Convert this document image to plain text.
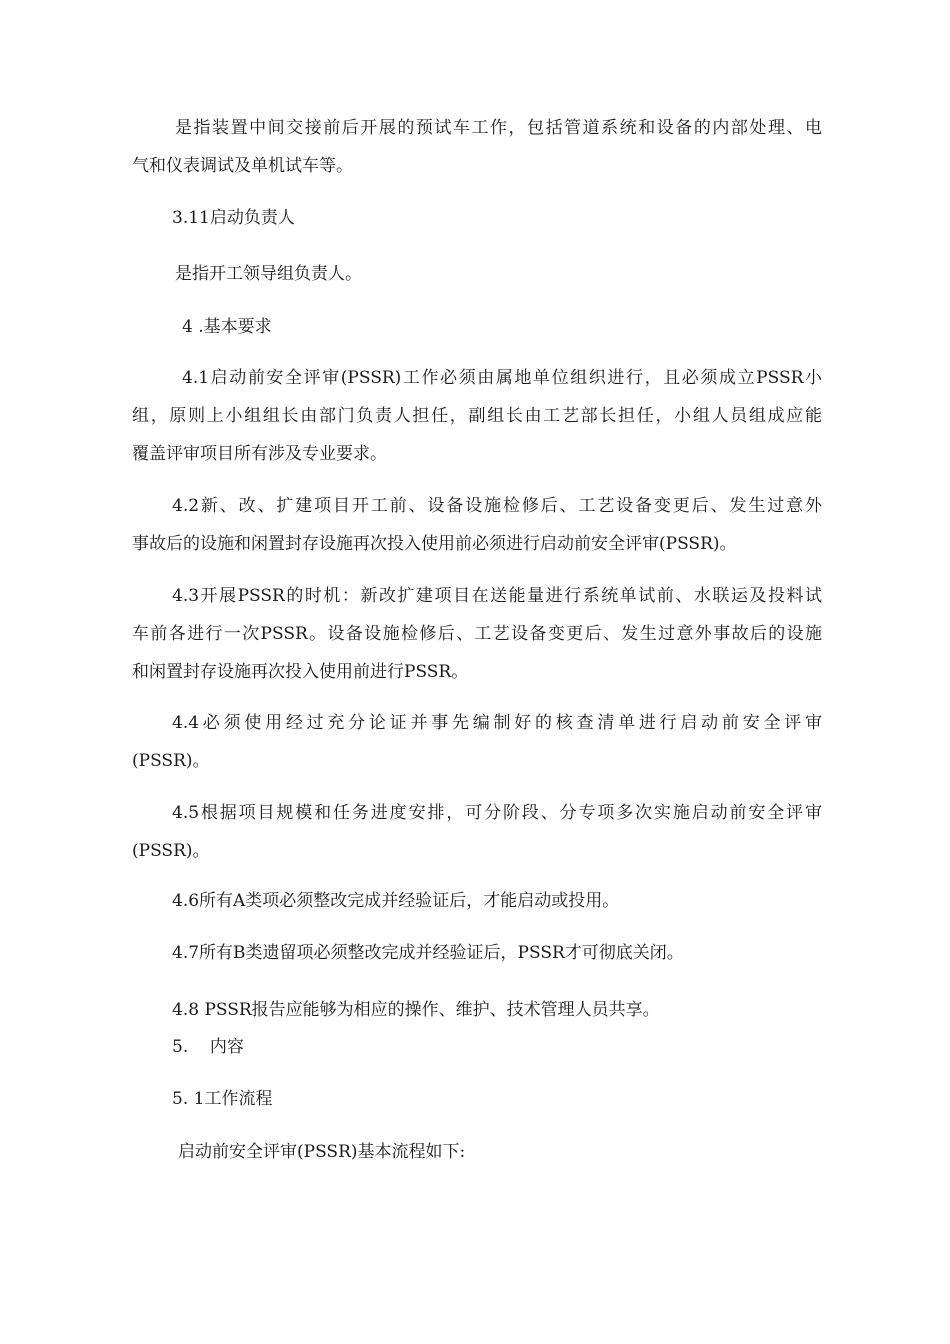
是指装置中间交接前后开展的预试车工作，包括管道系统和设备的内部处理、电
气和仪表调试及单机试车等。
3.11启动负责人
是指开工领导组负责人。
4 .基本要求
4.1启动前安全评审(PSSR)工作必须由属地单位组织进行，且必须成立PSSR小
组，原则上小组组长由部门负责人担任，副组长由工艺部长担任，小组人员组成应能
覆盖评审项目所有涉及专业要求。
4.2新、改、扩建项目开工前、设备设施检修后、工艺设备变更后、发生过意外
事故后的设施和闲置封存设施再次投入使用前必须进行启动前安全评审(PSSR)。
4.3开展PSSR的时机：新改扩建项目在送能量进行系统单试前、水联运及投料试
车前各进行一次PSSR。设备设施检修后、工艺设备变更后、发生过意外事故后的设施
和闲置封存设施再次投入使用前进行PSSR。
4.4必须使用经过充分论证并事先编制好的核查清单进行启动前安全评审
(PSSR)。
4.5根据项目规模和任务进度安排，可分阶段、分专项多次实施启动前安全评审
(PSSR)。
4.6所有A类项必须整改完成并经验证后，才能启动或投用。
4.7所有B类遗留项必须整改完成并经验证后，PSSR才可彻底关闭。
4.8 PSSR报告应能够为相应的操作、维护、技术管理人员共享。
5.    内容
5. 1工作流程
启动前安全评审(PSSR)基本流程如下:
